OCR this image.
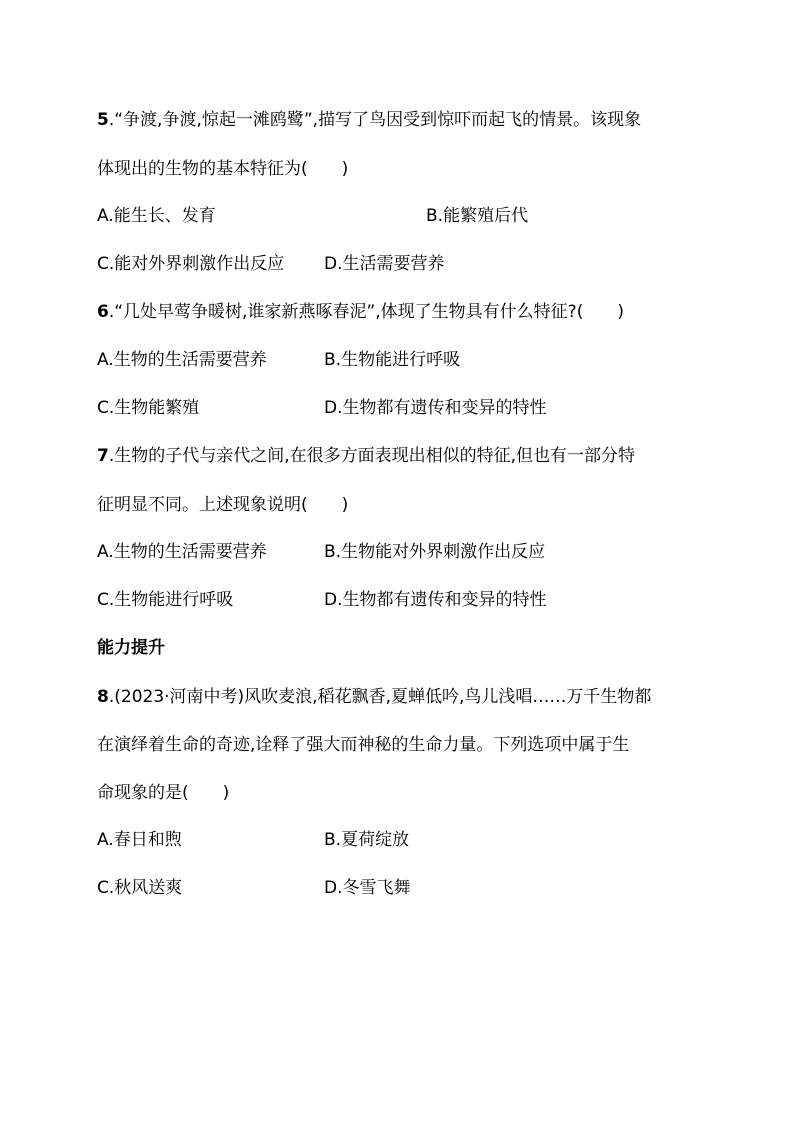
5.“争渡,争渡,惊起一滩鸥鹭”,描写了鸟因受到惊吓而起飞的情景。该现象
体现出的生物的基本特征为(　　)
A.能生长、发育	B.能繁殖后代
C.能对外界刺激作出反应 D.生活需要营养
6.“几处早莺争暖树,谁家新燕啄春泥”,体现了生物具有什么特征?(　　)
A.生物的生活需要营养	B.生物能进行呼吸
C.生物能繁殖	D.生物都有遗传和变异的特性
7.生物的子代与亲代之间,在很多方面表现出相似的特征,但也有一部分特
征明显不同。上述现象说明(　　)
A.生物的生活需要营养	B.生物能对外界刺激作出反应
C.生物能进行呼吸	D.生物都有遗传和变异的特性
能力提升
8.(2023·河南中考)风吹麦浪,稻花飘香,夏蝉低吟,鸟儿浅唱……万千生物都
在演绎着生命的奇迹,诠释了强大而神秘的生命力量。下列选项中属于生
命现象的是(　　)
A.春日和煦	B.夏荷绽放
C.秋风送爽	D.冬雪飞舞
